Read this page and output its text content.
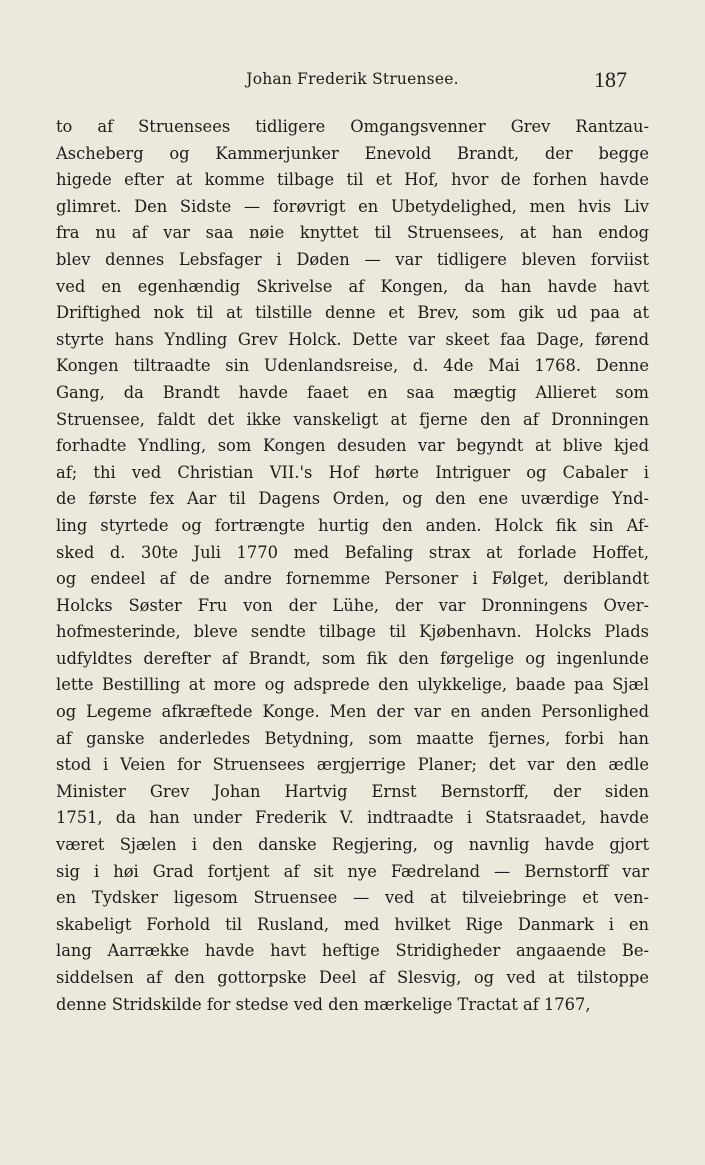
Johan Frederik Struensee.	187
to af Struensees tidligere Omgangsvenner Grev Rantzau-
Ascheberg og Kammerjunker Enevold Brandt, der begge
higede efter at komme tilbage til et Hof, hvor de forhen havde
glimret. Den Sidste — forøvrigt en Ubetydelighed, men hvis Liv
fra nu af var saa nøie knyttet til Struensees, at han endog
blev dennes Lebsfager i Døden — var tidligere bleven forviist
ved en egenhændig Skrivelse af Kongen, da han havde havt
Driftighed nok til at tilstille denne et Brev, som gik ud paa at
styrte hans Yndling Grev Holck. Dette var skeet faa Dage, førend
Kongen tiltraadte sin Udenlandsreise, d. 4de Mai 1768. Denne
Gang, da Brandt havde faaet en saa mægtig Allieret som
Struensee, faldt det ikke vanskeligt at fjerne den af Dronningen
forhadte Yndling, som Kongen desuden var begyndt at blive kjed
af; thi ved Christian VII.'s Hof hørte Intriguer og Cabaler i
de første fex Aar til Dagens Orden, og den ene uværdige Ynd-
ling styrtede og fortrængte hurtig den anden. Holck fik sin Af-
sked d. 30te Juli 1770 med Befaling strax at forlade Hoffet,
og endeel af de andre fornemme Personer i Følget, deriblandt
Holcks Søster Fru von der Lühe, der var Dronningens Over-
hofmesterinde, bleve sendte tilbage til Kjøbenhavn. Holcks Plads
udfyldtes derefter af Brandt, som fik den førgelige og ingenlunde
lette Bestilling at more og adsprede den ulykkelige, baade paa Sjæl
og Legeme afkræftede Konge. Men der var en anden Personlighed
af ganske anderledes Betydning, som maatte fjernes, forbi han
stod i Veien for Struensees ærgjerrige Planer; det var den ædle
Minister Grev Johan Hartvig Ernst Bernstorff, der siden
1751, da han under Frederik V. indtraadte i Statsraadet, havde
været Sjælen i den danske Regjering, og navnlig havde gjort
sig i høi Grad fortjent af sit nye Fædreland — Bernstorff var
en Tydsker ligesom Struensee — ved at tilveiebringe et ven-
skabeligt Forhold til Rusland, med hvilket Rige Danmark i en
lang Aarrække havde havt heftige Stridigheder angaaende Be-
siddelsen af den gottorpske Deel af Slesvig, og ved at tilstoppe
denne Stridskilde for stedse ved den mærkelige Tractat af 1767,
